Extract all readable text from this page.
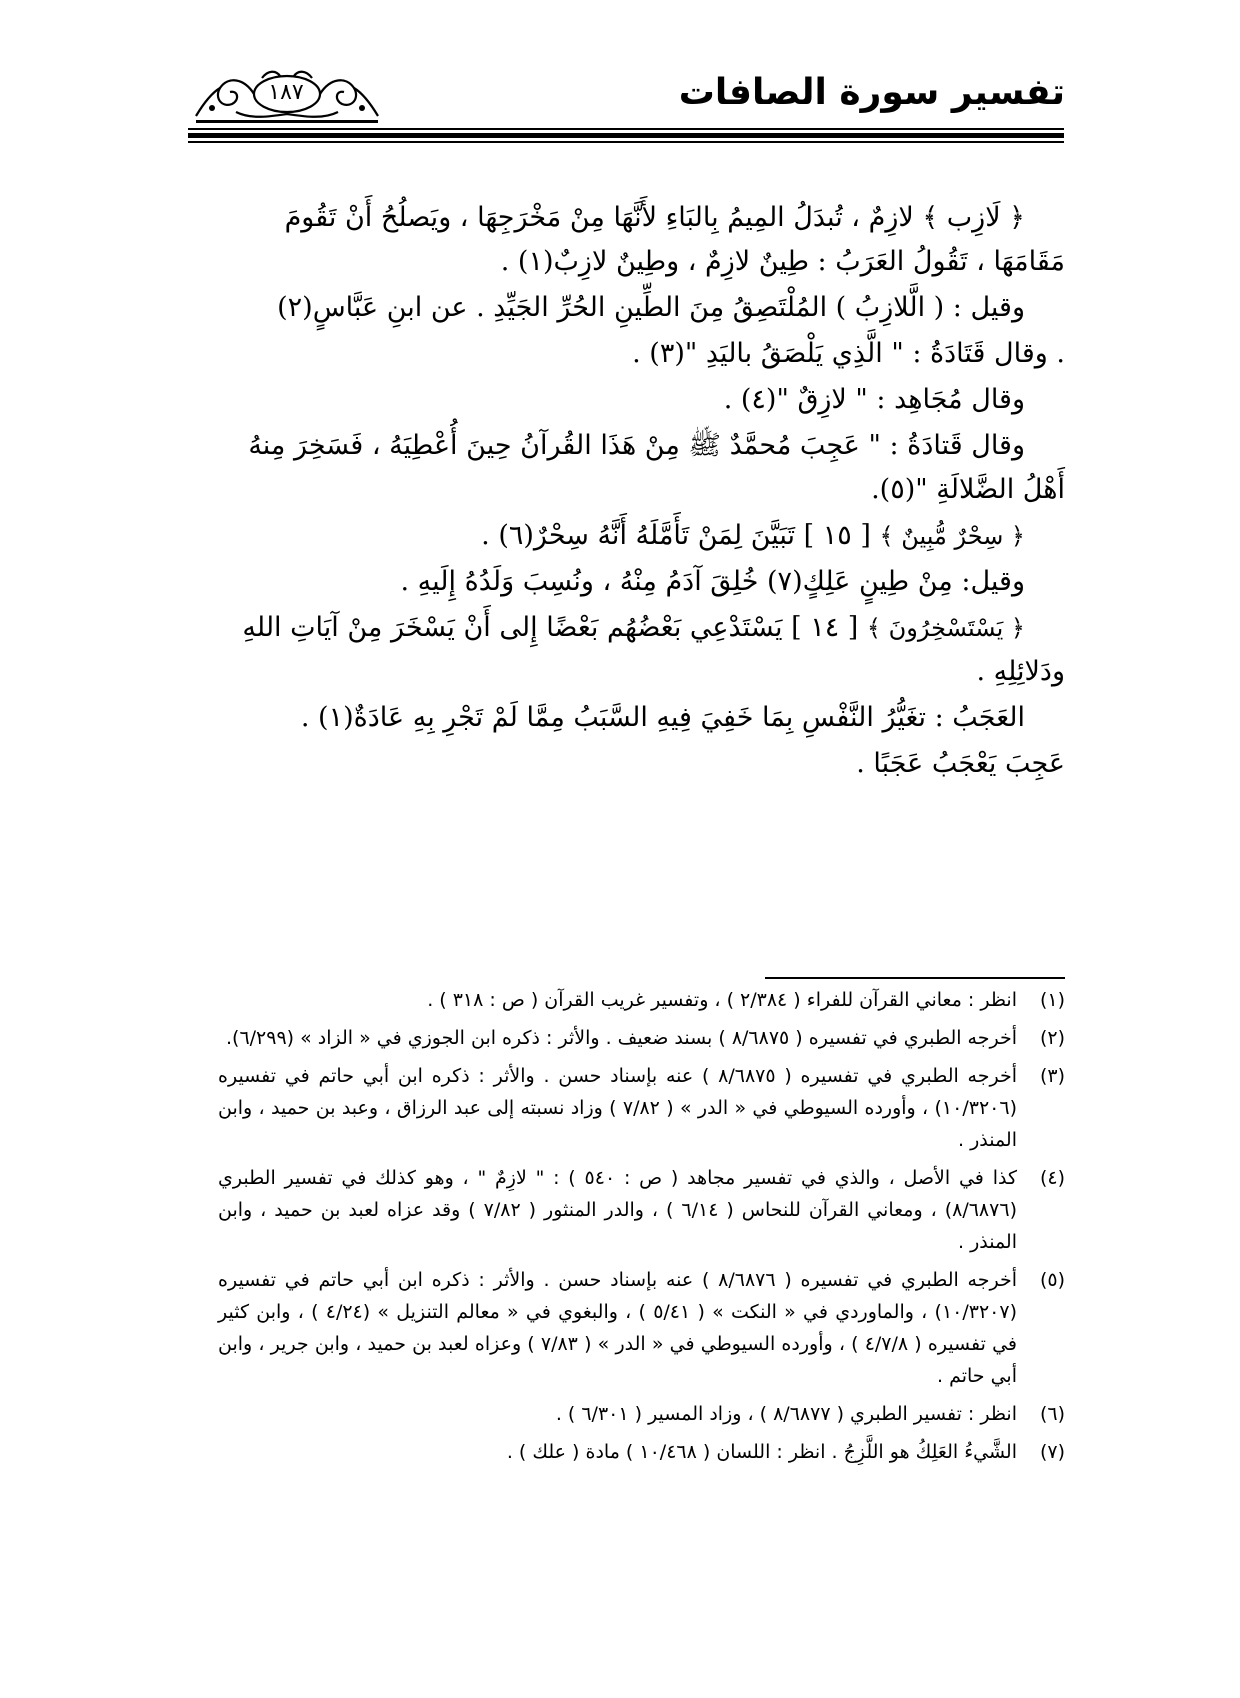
تفسير سورة الصافات
١٨٧

﴿ لَازِب ﴾ لازِمٌ ، تُبدَلُ المِيمُ بِالبَاءِ لأَنَّهَا مِنْ مَخْرَجِهَا ، ويَصلُحُ أَنْ تَقُومَ
مَقَامَهَا ، تَقُولُ العَرَبُ : طِينٌ لازِمٌ ، وطِينٌ لازِبٌ(١) .

وقيل : ( الَّلازِبُ ) المُلْتَصِقُ مِنَ الطِّينِ الحُرِّ الجَيِّدِ . عن ابنِ عَبَّاسٍ(٢)

. وقال قَتَادَةُ : " الَّذِي يَلْصَقُ باليَدِ "(٣) .

وقال مُجَاهِد : " لازِقٌ "(٤) .

وقال قَتادَةُ : " عَجِبَ مُحمَّدٌ ﷺ مِنْ هَذَا القُرآنُ حِينَ أُعْطِيَهُ ، فَسَخِرَ مِنهُ
أَهْلُ الضَّلالَةِ "(٥).

﴿ سِحْرٌ مُّبِينٌ ﴾ [ ١٥ ] تَبَيَّنَ لِمَنْ تَأَمَّلَهُ أَنَّهُ سِحْرٌ(٦) .

وقيل: مِنْ طِينٍ عَلِكٍ(٧) خُلِقَ آدَمُ مِنْهُ ، ونُسِبَ وَلَدُهُ إِلَيهِ .

﴿ يَسْتَسْخِرُونَ ﴾ [ ١٤ ] يَسْتَدْعِي بَعْضُهُم بَعْضًا إِلى أَنْ يَسْخَرَ مِنْ آيَاتِ اللهِ
ودَلائِلِهِ .

العَجَبُ : تغَيُّرُ النَّفْسِ بِمَا خَفِيَ فِيهِ السَّبَبُ مِمَّا لَمْ تَجْرِ بِهِ عَادَةٌ(١) .

عَجِبَ يَعْجَبُ عَجَبًا .

(١)
انظر : معاني القرآن للفراء ( ٢/٣٨٤ ) ، وتفسير غريب القرآن ( ص : ٣١٨ ) .
(٢)
أخرجه الطبري في تفسيره ( ٨/٦٨٧٥ ) بسند ضعيف . والأثر : ذكره ابن الجوزي في « الزاد » (٦/٢٩٩).
(٣)
أخرجه الطبري في تفسيره ( ٨/٦٨٧٥ ) عنه بإسناد حسن . والأثر : ذكره ابن أبي حاتم في تفسيره (١٠/٣٢٠٦) ، وأورده السيوطي في « الدر » ( ٧/٨٢ ) وزاد نسبته إلى عبد الرزاق ، وعبد بن حميد ، وابن المنذر .
(٤)
كذا في الأصل ، والذي في تفسير مجاهد ( ص : ٥٤٠ ) : " لازِمٌ " ، وهو كذلك في تفسير الطبري (٨/٦٨٧٦) ، ومعاني القرآن للنحاس ( ٦/١٤ ) ، والدر المنثور ( ٧/٨٢ ) وقد عزاه لعبد بن حميد ، وابن المنذر .
(٥)
أخرجه الطبري في تفسيره ( ٨/٦٨٧٦ ) عنه بإسناد حسن . والأثر : ذكره ابن أبي حاتم في تفسيره (١٠/٣٢٠٧) ، والماوردي في « النكت » ( ٥/٤١ ) ، والبغوي في « معالم التنزيل » (٤/٢٤ ) ، وابن كثير في تفسيره ( ٤/٧/٨ ) ، وأورده السيوطي في « الدر » ( ٧/٨٣ ) وعزاه لعبد بن حميد ، وابن جرير ، وابن أبي حاتم .
(٦)
انظر : تفسير الطبري ( ٨/٦٨٧٧ ) ، وزاد المسير ( ٦/٣٠١ ) .
(٧)
الشَّيءُ العَلِكُ هو اللَّزِجُ . انظر : اللسان ( ١٠/٤٦٨ ) مادة ( علك ) .
